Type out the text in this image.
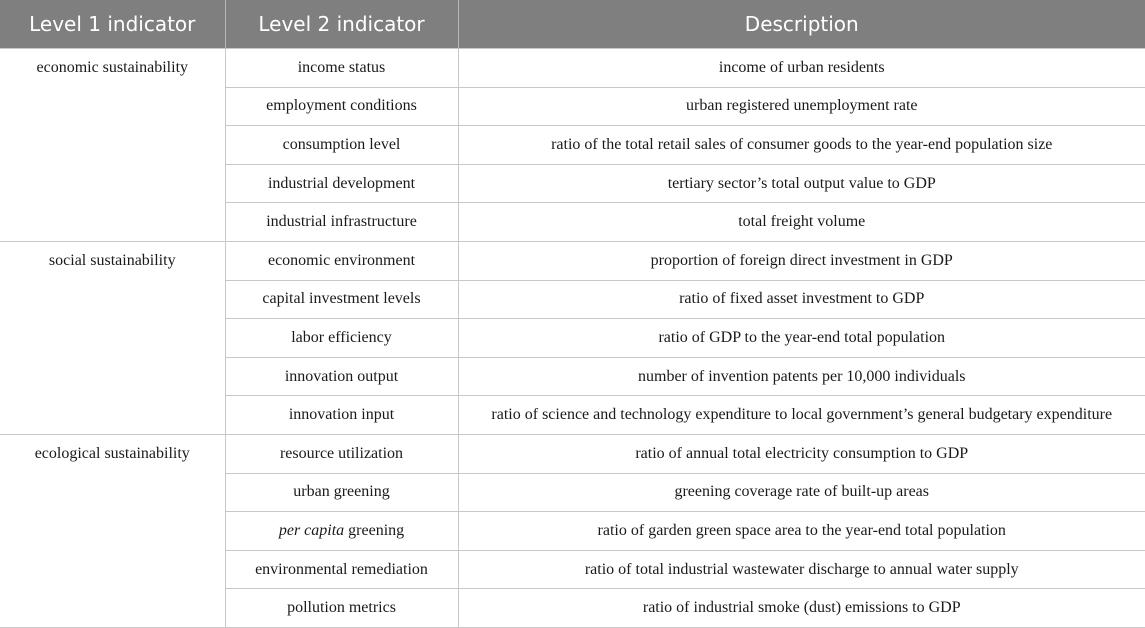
Level 1 indicator	Level 2 indicator	Description
economic sustainability	income status	income of urban residents
	employment conditions	urban registered unemployment rate
	consumption level	ratio of the total retail sales of consumer goods to the year-end population size
	industrial development	tertiary sector’s total output value to GDP
	industrial infrastructure	total freight volume
social sustainability	economic environment	proportion of foreign direct investment in GDP
	capital investment levels	ratio of fixed asset investment to GDP
	labor efficiency	ratio of GDP to the year-end total population
	innovation output	number of invention patents per 10,000 individuals
	innovation input	ratio of science and technology expenditure to local government’s general budgetary expenditure
ecological sustainability	resource utilization	ratio of annual total electricity consumption to GDP
	urban greening	greening coverage rate of built-up areas
	per capita greening	ratio of garden green space area to the year-end total population
	environmental remediation	ratio of total industrial wastewater discharge to annual water supply
	pollution metrics	ratio of industrial smoke (dust) emissions to GDP
